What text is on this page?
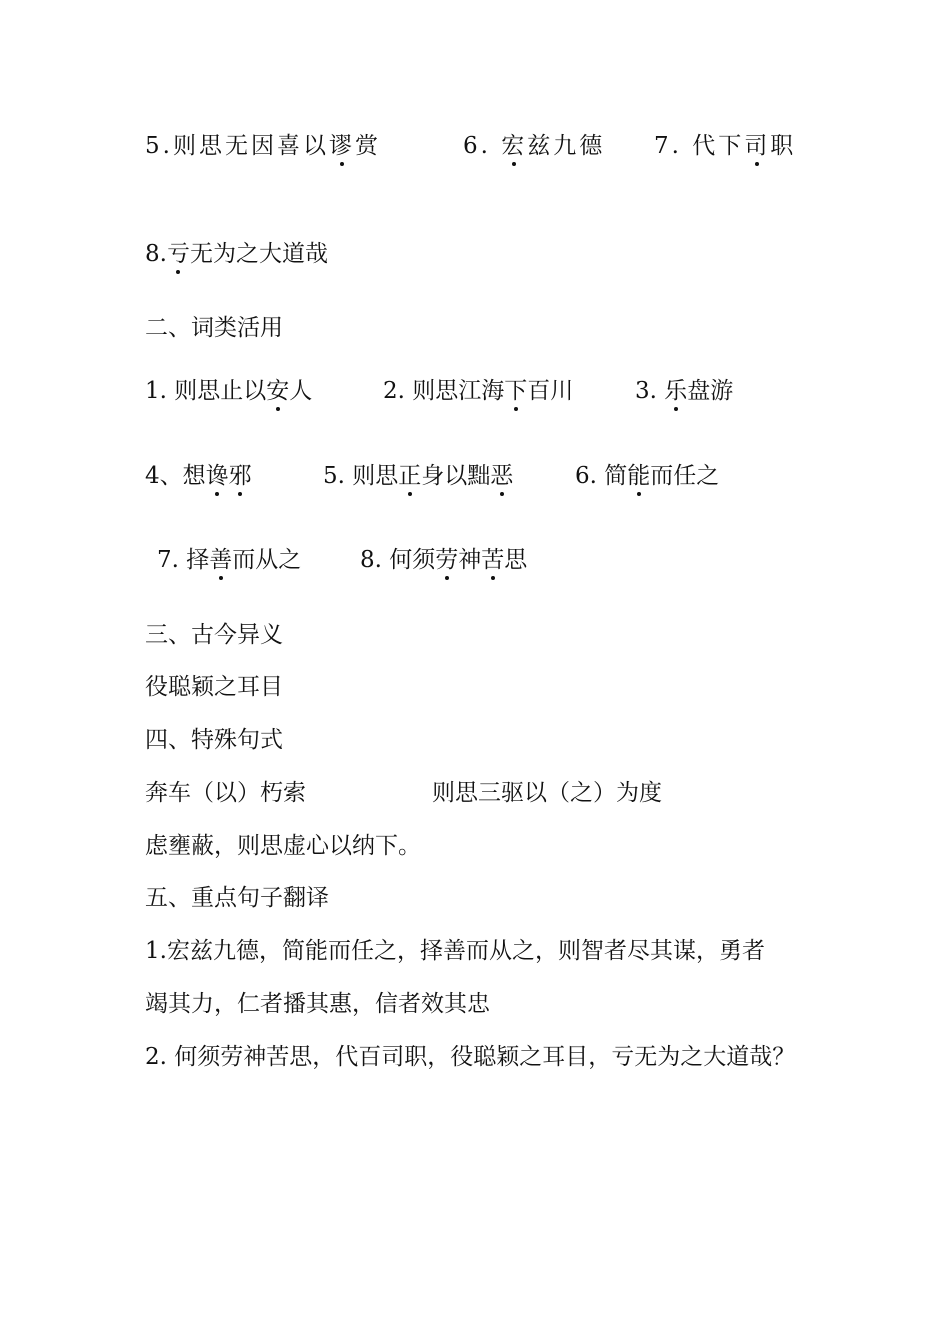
5.则思无因喜以谬赏	6. 宏兹九德 7. 代下司职
8.亏无为之大道哉
二、词类活用
1. 则思止以安人	2. 则思江海下百川	3. 乐盘游
4、想谗邪	5. 则思正身以黜恶	6. 简能而任之
7. 择善而从之	8. 何须劳神苦思
三、古今异义
役聪颖之耳目
四、特殊句式
奔车（以）朽索	则思三驱以（之）为度
虑壅蔽，则思虚心以纳下。
五、重点句子翻译
1.宏兹九德，简能而任之，择善而从之，则智者尽其谋，勇者
竭其力，仁者播其惠，信者效其忠
2. 何须劳神苦思，代百司职，役聪颖之耳目，亏无为之大道哉？
